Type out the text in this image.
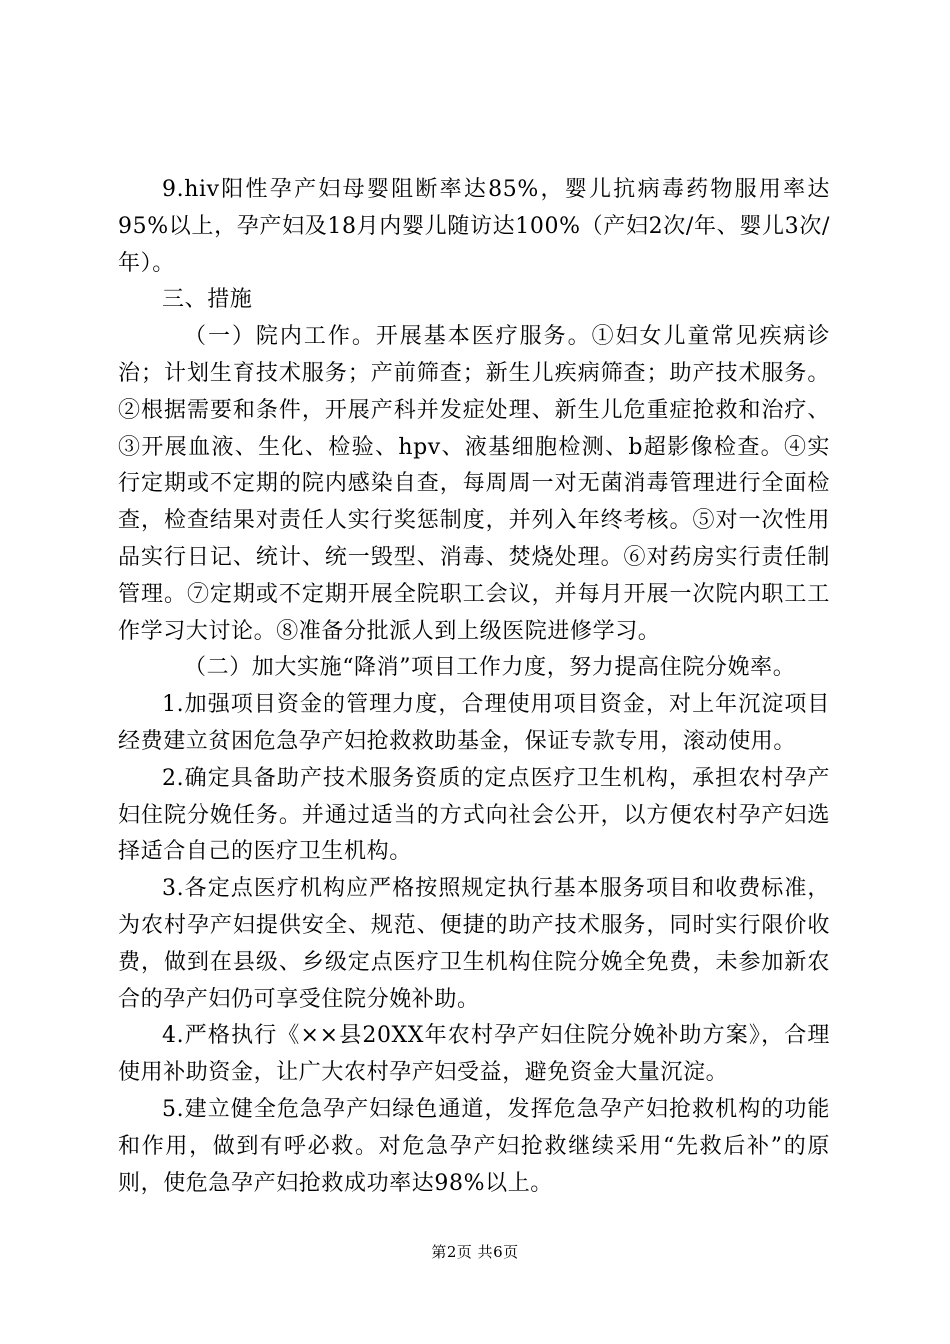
9.hiv阳性孕产妇母婴阻断率达85%，婴儿抗病毒药物服用率达95%以上，孕产妇及18月内婴儿随访达100%（产妇2次/年、婴儿3次/年）。

三、措施

（一）院内工作。开展基本医疗服务。①妇女儿童常见疾病诊治；计划生育技术服务；产前筛查；新生儿疾病筛查；助产技术服务。②根据需要和条件，开展产科并发症处理、新生儿危重症抢救和治疗、③开展血液、生化、检验、hpv、液基细胞检测、b超影像检查。④实行定期或不定期的院内感染自查，每周周一对无菌消毒管理进行全面检查，检查结果对责任人实行奖惩制度，并列入年终考核。⑤对一次性用品实行日记、统计、统一毁型、消毒、焚烧处理。⑥对药房实行责任制管理。⑦定期或不定期开展全院职工会议，并每月开展一次院内职工工作学习大讨论。⑧准备分批派人到上级医院进修学习。

（二）加大实施“降消”项目工作力度，努力提高住院分娩率。

1.加强项目资金的管理力度，合理使用项目资金，对上年沉淀项目经费建立贫困危急孕产妇抢救救助基金，保证专款专用，滚动使用。

2.确定具备助产技术服务资质的定点医疗卫生机构，承担农村孕产妇住院分娩任务。并通过适当的方式向社会公开，以方便农村孕产妇选择适合自己的医疗卫生机构。

3.各定点医疗机构应严格按照规定执行基本服务项目和收费标准，为农村孕产妇提供安全、规范、便捷的助产技术服务，同时实行限价收费，做到在县级、乡级定点医疗卫生机构住院分娩全免费，未参加新农合的孕产妇仍可享受住院分娩补助。

4.严格执行《××县20XX年农村孕产妇住院分娩补助方案》，合理使用补助资金，让广大农村孕产妇受益，避免资金大量沉淀。

5.建立健全危急孕产妇绿色通道，发挥危急孕产妇抢救机构的功能和作用，做到有呼必救。对危急孕产妇抢救继续采用“先救后补”的原则，使危急孕产妇抢救成功率达98%以上。

第2页 共6页
